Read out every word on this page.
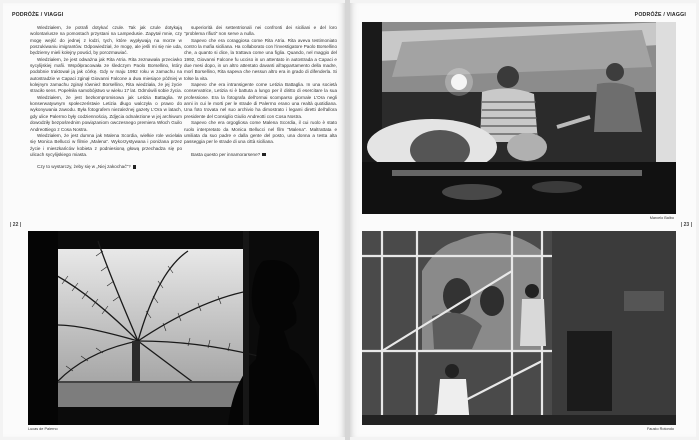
PODRÓŻE / VIAGGI

Wiedziałem, że potrafi dotykać czule. Tak jak czule dotykają wolontariusze na pomostach przystani na Lampedusie. Zapytał mnie, czy mogę wejść do jednej z łodzi, tych, które wypływają na morze w poszukiwaniu imigrantów. Odpowiedział, że mogę, ale jeśli mi się nie uda, będziemy mieli kolejny powód, by porozmawiać.

Wiedziałem, że jest odważna jak Rita Atria. Rita zeznawała przeciwko sycylijskiej mafii. Współpracowała ze śledczym Paolo Borsellino, który podobnie traktował ją jak córkę. Gdy w maju 1992 roku w zamachu na autostradzie w Capaci zginął Giovanni Falcone a dwa miesiące później w kolejnym zamachu zginął również Borsellino, Rita wiedziała, że jej życie straciło sens. Popełniła samobójstwo w wieku 17 lat. Odmówili sobie życia.

Wiedziałem, że jest bezkompromisowa jak Letizia Battaglia. W konserwatywnym społeczeństwie Letizia długo walczyła o prawo do wykonywania zawodu. Była fotografem niezależnej gazety L'Ora w latach, gdy ulice Palermo były codziennością. Zdjęcia odnalezione w jej archiwum dowodziły bezpośrednim powiązaniom owczesnego premiera Włoch Guilo Andreottiego z Cosa Nostra.

Wiedziałem, że jest dumna jak Malena Scordia, wielkie role wcielała się Monica Bellucci w filmie „Malena". Wykorzystywana i poniżana przez życie i mieszkańców kobieta z podniesioną głową przechadza się po ulicach sycylijskiego miasta.

Czy to wystarczy, żeby się w „Niej zakochać"?

superiorità dei settentrionali nei confronti dei siciliani e del loro "problema rifiuti" non serve a nulla.

Sapevo che era coraggiosa come Rita Atria. Rita aveva testimoniato contro la mafia siciliana. Ha collaborato con l'investigatore Paolo Borsellino che, a quanto si dice, la trattava come una figlia. Quando, nel maggio del 1992, Giovanni Falcone fu ucciso in un attentato in autostrada a Capaci e due mesi dopo, in un altro attentato davanti all'appartamento della madre, morì Borsellino, Rita sapeva che nessun altro era in grado di difenderla. Si tolse la vita.

Sapevo che era intransigente come Letizia Battaglia. In una società conservatrice, Letizia si è battuta a lungo per il diritto di esercitare la sua professione. Era la fotografa dell'ormai scomparso giornale L'Ora negli anni in cui le morti per le strade di Palermo erano una realtà quotidiana. Una foto trovata nel suo archivio ha dimostrato i legami diretti dell'allora presidente del Consiglio Giulio Andreotti con Cosa Nostra.

Sapevo che era orgogliosa come Malena Scordia, il cui ruolo è stato ruolo interpretato da Monica Bellucci nel film "Malena". Maltrattata e umiliata da suo padre e dalla gente del posto, una donna a testa alta passeggia per le strade di una città siciliana.

Basta questo per innamorarsene?

| 22 |
Lucas de Palerno
PODRÓŻE / VIAGGI
Marcelo Balbo
| 23 |
Fausto Rotondo
